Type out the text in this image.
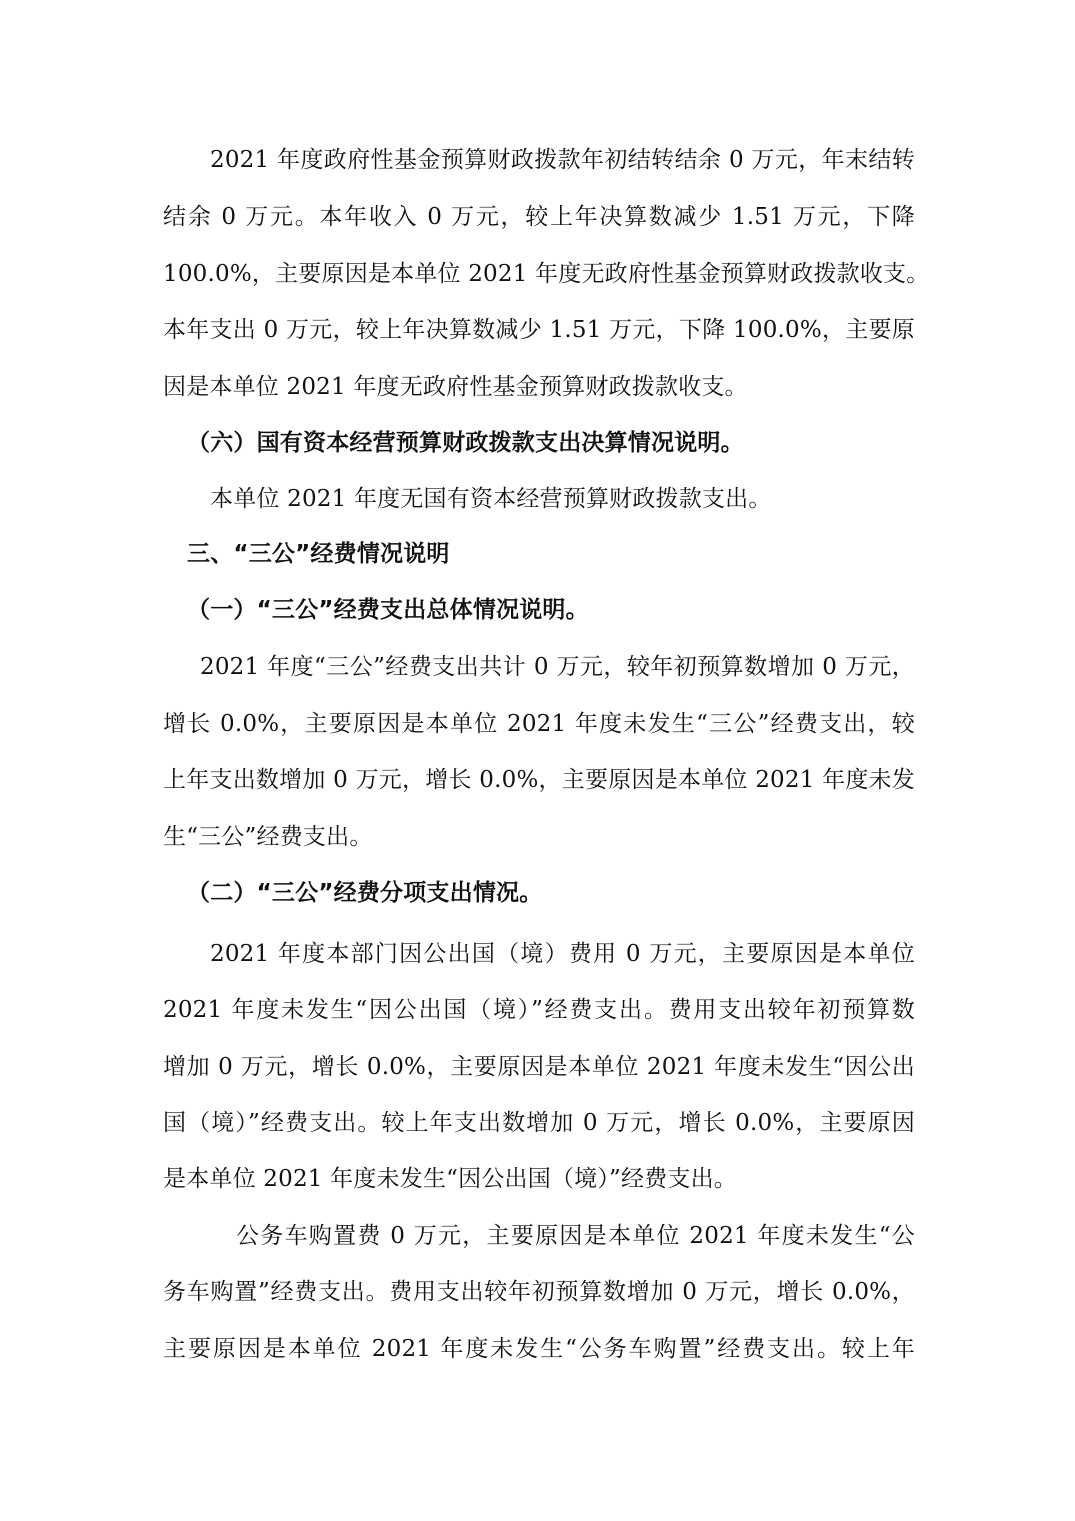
2021 年度政府性基金预算财政拨款年初结转结余 0 万元，年末结转
结余 0 万元。本年收入 0 万元，较上年决算数减少 1.51 万元，下降
100.0%，主要原因是本单位 2021 年度无政府性基金预算财政拨款收支。
本年支出 0 万元，较上年决算数减少 1.51 万元，下降 100.0%，主要原
因是本单位 2021 年度无政府性基金预算财政拨款收支。
（六）国有资本经营预算财政拨款支出决算情况说明。
本单位 2021 年度无国有资本经营预算财政拨款支出。
三、“三公”经费情况说明
（一）“三公”经费支出总体情况说明。
2021 年度“三公”经费支出共计 0 万元，较年初预算数增加 0 万元，
增长 0.0%，主要原因是本单位 2021 年度未发生“三公”经费支出，较
上年支出数增加 0 万元，增长 0.0%，主要原因是本单位 2021 年度未发
生“三公”经费支出。
（二）“三公”经费分项支出情况。
2021 年度本部门因公出国（境）费用 0 万元，主要原因是本单位
2021 年度未发生“因公出国（境）”经费支出。费用支出较年初预算数
增加 0 万元，增长 0.0%，主要原因是本单位 2021 年度未发生“因公出
国（境）”经费支出。较上年支出数增加 0 万元，增长 0.0%，主要原因
是本单位 2021 年度未发生“因公出国（境）”经费支出。
公务车购置费 0 万元，主要原因是本单位 2021 年度未发生“公
务车购置”经费支出。费用支出较年初预算数增加 0 万元，增长 0.0%，
主要原因是本单位 2021 年度未发生“公务车购置”经费支出。较上年
